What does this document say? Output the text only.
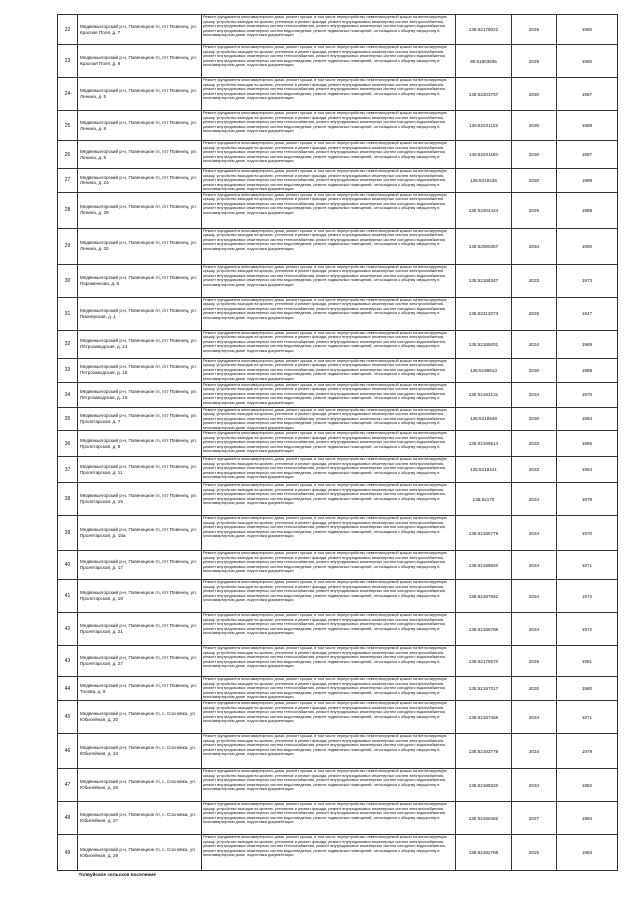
22	Медвежьегорский р-н, Повенецкое гп, пгт Повенец, ул. Красная Поля, д. 7	Ремонт фундамента многоквартирного дома, ремонт крыши, в том числе переустройство невентилируемой крыши на вентилируемую крышу, устройство выходов на кровлю, утепление и ремонт фасада, ремонт внутридомовых инженерных систем электроснабжения, ремонт внутридомовых инженерных систем теплоснабжения, ремонт внутридомовых инженерных систем холодного водоснабжения, ремонт внутридомовых инженерных систем водоотведения, ремонт подвальных помещений, относящихся к общему имуществу в многоквартирном доме, подготовка документации	135:52178022	2026	1980
23	Медвежьегорский р-н, Повенецкое гп, пгт Повенец, ул. Красная Поля, д. 9	Ремонт фундамента многоквартирного дома, ремонт крыши, в том числе переустройство невентилируемой крыши на вентилируемую крышу, устройство выходов на кровлю, утепление и ремонт фасада, ремонт внутридомовых инженерных систем электроснабжения, ремонт внутридомовых инженерных систем теплоснабжения, ремонт внутридомовых инженерных систем холодного водоснабжения, ремонт внутридомовых инженерных систем водоотведения, ремонт подвальных помещений, относящихся к общему имуществу в многоквартирном доме, подготовка документации	95:51803835	2029	1980
24	Медвежьегорский р-н, Повенецкое гп, пгт Повенец, ул. Ленина, д. 5	Ремонт фундамента многоквартирного дома, ремонт крыши, в том числе переустройство невентилируемой крыши на вентилируемую крышу, устройство выходов на кровлю, утепление и ремонт фасада, ремонт внутридомовых инженерных систем электроснабжения, ремонт внутридомовых инженерных систем теплоснабжения, ремонт внутридомовых инженерных систем холодного водоснабжения, ремонт внутридомовых инженерных систем водоотведения, ремонт подвальных помещений, относящихся к общему имуществу в многоквартирном доме, подготовка документации	135:52203757	2030	1967
25	Медвежьегорский р-н, Повенецкое гп, пгт Повенец, ул. Ленина, д. 8	Ремонт фундамента многоквартирного дома, ремонт крыши, в том числе переустройство невентилируемой крыши на вентилируемую крышу, устройство выходов на кровлю, утепление и ремонт фасада, ремонт внутридомовых инженерных систем электроснабжения, ремонт внутридомовых инженерных систем теплоснабжения, ремонт внутридомовых инженерных систем холодного водоснабжения, ремонт внутридомовых инженерных систем водоотведения, ремонт подвальных помещений, относящихся к общему имуществу в многоквартирном доме, подготовка документации	135:52201102	2030	1988
26	Медвежьегорский р-н, Повенецкое гп, пгт Повенец, ул. Ленина, д. 9	Ремонт фундамента многоквартирного дома, ремонт крыши, в том числе переустройство невентилируемой крыши на вентилируемую крышу, устройство выходов на кровлю, утепление и ремонт фасада, ремонт внутридомовых инженерных систем электроснабжения, ремонт внутридомовых инженерных систем теплоснабжения, ремонт внутридомовых инженерных систем холодного водоснабжения, ремонт внутридомовых инженерных систем водоотведения, ремонт подвальных помещений, относящихся к общему имуществу в многоквартирном доме, подготовка документации	135:52201160	2030	1967
27	Медвежьегорский р-н, Повенецкое гп, пгт Повенец, ул. Ленина, д. 24	Ремонт фундамента многоквартирного дома, ремонт крыши, в том числе переустройство невентилируемой крыши на вентилируемую крышу, устройство выходов на кровлю, утепление и ремонт фасада, ремонт внутридомовых инженерных систем электроснабжения, ремонт внутридомовых инженерных систем теплоснабжения, ремонт внутридомовых инженерных систем холодного водоснабжения, ремонт внутридомовых инженерных систем водоотведения, ремонт подвальных помещений, относящихся к общему имуществу в многоквартирном доме, подготовка документации	135:5219435	2030	1989
28	Медвежьегорский р-н, Повенецкое гп, пгт Повенец, ул. Ленина, д. 28	Ремонт фундамента многоквартирного дома, ремонт крыши, в том числе переустройство невентилируемой крыши на вентилируемую крышу, устройство выходов на кровлю, утепление и ремонт фасада, ремонт внутридомовых инженерных систем электроснабжения, ремонт внутридомовых инженерных систем теплоснабжения, ремонт внутридомовых инженерных систем холодного водоснабжения, ремонт внутридомовых инженерных систем водоотведения, ремонт подвальных помещений, относящихся к общему имуществу в многоквартирном доме, подготовка документации	135:52204424	2026	1989
29	Медвежьегорский р-н, Повенецкое гп, пгт Повенец, ул. Ленина, д. 30	Ремонт фундамента многоквартирного дома, ремонт крыши, в том числе переустройство невентилируемой крыши на вентилируемую крышу, устройство выходов на кровлю, утепление и ремонт фасада, ремонт внутридомовых инженерных систем электроснабжения, ремонт внутридомовых инженерных систем теплоснабжения, ремонт внутридомовых инженерных систем холодного водоснабжения, ремонт внутридомовых инженерных систем водоотведения, ремонт подвальных помещений, относящихся к общему имуществу в многоквартирном доме, подготовка документации	135:52080357	2034	1990
30	Медвежьегорский р-н, Повенецкое гп, пгт Повенец, ул. Пароменкова, д. 8	Ремонт фундамента многоквартирного дома, ремонт крыши, в том числе переустройство невентилируемой крыши на вентилируемую крышу, устройство выходов на кровлю, утепление и ремонт фасада, ремонт внутридомовых инженерных систем электроснабжения, ремонт внутридомовых инженерных систем теплоснабжения, ремонт внутридомовых инженерных систем холодного водоснабжения, ремонт внутридомовых инженерных систем водоотведения, ремонт подвальных помещений, относящихся к общему имуществу в многоквартирном доме, подготовка документации	135:52185347	2033	1973
31	Медвежьегорский р-н, Повенецкое гп, пгт Повенец, ул. Пионерская, д. 1	Ремонт фундамента многоквартирного дома, ремонт крыши, в том числе переустройство невентилируемой крыши на вентилируемую крышу, устройство выходов на кровлю, утепление и ремонт фасада, ремонт внутридомовых инженерных систем электроснабжения, ремонт внутридомовых инженерных систем теплоснабжения, ремонт внутридомовых инженерных систем холодного водоснабжения, ремонт внутридомовых инженерных систем водоотведения, ремонт подвальных помещений, относящихся к общему имуществу в многоквартирном доме, подготовка документации	135:52212073	2029	1947
32	Медвежьегорский р-н, Повенецкое гп, пгт Повенец, ул. Петрозаводская, д. 14	Ремонт фундамента многоквартирного дома, ремонт крыши, в том числе переустройство невентилируемой крыши на вентилируемую крышу, устройство выходов на кровлю, утепление и ремонт фасада, ремонт внутридомовых инженерных систем электроснабжения, ремонт внутридомовых инженерных систем теплоснабжения, ремонт внутридомовых инженерных систем холодного водоснабжения, ремонт внутридомовых инженерных систем водоотведения, ремонт подвальных помещений, относящихся к общему имуществу в многоквартирном доме, подготовка документации	135:52185001	2034	1989
33	Медвежьегорский р-н, Повенецкое гп, пгт Повенец, ул. Петрозаводская, д. 16	Ремонт фундамента многоквартирного дома, ремонт крыши, в том числе переустройство невентилируемой крыши на вентилируемую крышу, устройство выходов на кровлю, утепление и ремонт фасада, ремонт внутридомовых инженерных систем электроснабжения, ремонт внутридомовых инженерных систем теплоснабжения, ремонт внутридомовых инженерных систем холодного водоснабжения, ремонт внутридомовых инженерных систем водоотведения, ремонт подвальных помещений, относящихся к общему имуществу в многоквартирном доме, подготовка документации	135:5198613	2030	1989
34	Медвежьегорский р-н, Повенецкое гп, пгт Повенец, ул. Петрозаводская, д. 18	Ремонт фундамента многоквартирного дома, ремонт крыши, в том числе переустройство невентилируемой крыши на вентилируемую крышу, устройство выходов на кровлю, утепление и ремонт фасада, ремонт внутридомовых инженерных систем электроснабжения, ремонт внутридомовых инженерных систем теплоснабжения, ремонт внутридомовых инженерных систем холодного водоснабжения, ремонт внутридомовых инженерных систем водоотведения, ремонт подвальных помещений, относящихся к общему имуществу в многоквартирном доме, подготовка документации	135:52193131	2034	1970
35	Медвежьегорский р-н, Повенецкое гп, пгт Повенец, ул. Пролетарская, д. 7	Ремонт фундамента многоквартирного дома, ремонт крыши, в том числе переустройство невентилируемой крыши на вентилируемую крышу, устройство выходов на кровлю, утепление и ремонт фасада, ремонт внутридомовых инженерных систем электроснабжения, ремонт внутридомовых инженерных систем теплоснабжения, ремонт внутридомовых инженерных систем холодного водоснабжения, ремонт внутридомовых инженерных систем водоотведения, ремонт подвальных помещений, относящихся к общему имуществу в многоквартирном доме, подготовка документации	135:5219948	2030	1964
36	Медвежьегорский р-н, Повенецкое гп, пгт Повенец, ул. Пролетарская, д. 8	Ремонт фундамента многоквартирного дома, ремонт крыши, в том числе переустройство невентилируемой крыши на вентилируемую крышу, устройство выходов на кровлю, утепление и ремонт фасада, ремонт внутридомовых инженерных систем электроснабжения, ремонт внутридомовых инженерных систем теплоснабжения, ремонт внутридомовых инженерных систем холодного водоснабжения, ремонт внутридомовых инженерных систем водоотведения, ремонт подвальных помещений, относящихся к общему имуществу в многоквартирном доме, подготовка документации	135:52185514	2033	1965
37	Медвежьегорский р-н, Повенецкое гп, пгт Повенец, ул. Пролетарская, д. 11	Ремонт фундамента многоквартирного дома, ремонт крыши, в том числе переустройство невентилируемой крыши на вентилируемую крышу, устройство выходов на кровлю, утепление и ремонт фасада, ремонт внутридомовых инженерных систем электроснабжения, ремонт внутридомовых инженерных систем теплоснабжения, ремонт внутридомовых инженерных систем холодного водоснабжения, ремонт внутридомовых инженерных систем водоотведения, ремонт подвальных помещений, относящихся к общему имуществу в многоквартирном доме, подготовка документации	135:5219241	2033	1964
38	Медвежьегорский р-н, Повенецкое гп, пгт Повенец, ул. Пролетарская, д. 15	Ремонт фундамента многоквартирного дома, ремонт крыши, в том числе переустройство невентилируемой крыши на вентилируемую крышу, устройство выходов на кровлю, утепление и ремонт фасада, ремонт внутридомовых инженерных систем электроснабжения, ремонт внутридомовых инженерных систем теплоснабжения, ремонт внутридомовых инженерных систем холодного водоснабжения, ремонт внутридомовых инженерных систем водоотведения, ремонт подвальных помещений, относящихся к общему имуществу в многоквартирном доме, подготовка документации	135:52170	2034	1979
39	Медвежьегорский р-н, Повенецкое гп, пгт Повенец, ул. Пролетарская, д. 15а	Ремонт фундамента многоквартирного дома, ремонт крыши, в том числе переустройство невентилируемой крыши на вентилируемую крышу, устройство выходов на кровлю, утепление и ремонт фасада, ремонт внутридомовых инженерных систем электроснабжения, ремонт внутридомовых инженерных систем теплоснабжения, ремонт внутридомовых инженерных систем холодного водоснабжения, ремонт внутридомовых инженерных систем водоотведения, ремонт подвальных помещений, относящихся к общему имуществу в многоквартирном доме, подготовка документации	135:52185779	2034	1970
40	Медвежьегорский р-н, Повенецкое гп, пгт Повенец, ул. Пролетарская, д. 17	Ремонт фундамента многоквартирного дома, ремонт крыши, в том числе переустройство невентилируемой крыши на вентилируемую крышу, устройство выходов на кровлю, утепление и ремонт фасада, ремонт внутридомовых инженерных систем электроснабжения, ремонт внутридомовых инженерных систем теплоснабжения, ремонт внутридомовых инженерных систем холодного водоснабжения, ремонт внутридомовых инженерных систем водоотведения, ремонт подвальных помещений, относящихся к общему имуществу в многоквартирном доме, подготовка документации	135:52196620	2034	1971
41	Медвежьегорский р-н, Повенецкое гп, пгт Повенец, ул. Пролетарская, д. 19	Ремонт фундамента многоквартирного дома, ремонт крыши, в том числе переустройство невентилируемой крыши на вентилируемую крышу, устройство выходов на кровлю, утепление и ремонт фасада, ремонт внутридомовых инженерных систем электроснабжения, ремонт внутридомовых инженерных систем теплоснабжения, ремонт внутридомовых инженерных систем холодного водоснабжения, ремонт внутридомовых инженерных систем водоотведения, ремонт подвальных помещений, относящихся к общему имуществу в многоквартирном доме, подготовка документации	135:52187652	2034	1972
42	Медвежьегорский р-н, Повенецкое гп, пгт Повенец, ул. Пролетарская, д. 21	Ремонт фундамента многоквартирного дома, ремонт крыши, в том числе переустройство невентилируемой крыши на вентилируемую крышу, устройство выходов на кровлю, утепление и ремонт фасада, ремонт внутридомовых инженерных систем электроснабжения, ремонт внутридомовых инженерных систем теплоснабжения, ремонт внутридомовых инженерных систем холодного водоснабжения, ремонт внутридомовых инженерных систем водоотведения, ремонт подвальных помещений, относящихся к общему имуществу в многоквартирном доме, подготовка документации	135:52188786	2034	1972
43	Медвежьегорский р-н, Повенецкое гп, пгт Повенец, ул. Пролетарская, д. 27	Ремонт фундамента многоквартирного дома, ремонт крыши, в том числе переустройство невентилируемой крыши на вентилируемую крышу, устройство выходов на кровлю, утепление и ремонт фасада, ремонт внутридомовых инженерных систем электроснабжения, ремонт внутридомовых инженерных систем теплоснабжения, ремонт внутридомовых инженерных систем холодного водоснабжения, ремонт внутридомовых инженерных систем водоотведения, ремонт подвальных помещений, относящихся к общему имуществу в многоквартирном доме, подготовка документации	135:52178670	2026	1981
44	Медвежьегорский р-н, Повенецкое гп, пгт Повенец, ул. Толова, д. 9	Ремонт фундамента многоквартирного дома, ремонт крыши, в том числе переустройство невентилируемой крыши на вентилируемую крышу, устройство выходов на кровлю, утепление и ремонт фасада, ремонт внутридомовых инженерных систем электроснабжения, ремонт внутридомовых инженерных систем теплоснабжения, ремонт внутридомовых инженерных систем холодного водоснабжения, ремонт внутридомовых инженерных систем водоотведения, ремонт подвальных помещений, относящихся к общему имуществу в многоквартирном доме, подготовка документации	135:52197017	2030	1980
45	Медвежьегорский р-н, Повенецкое гп, с. Сосновка, ул. Юбилейная, д. 20	Ремонт фундамента многоквартирного дома, ремонт крыши, в том числе переустройство невентилируемой крыши на вентилируемую крышу, устройство выходов на кровлю, утепление и ремонт фасада, ремонт внутридомовых инженерных систем электроснабжения, ремонт внутридомовых инженерных систем теплоснабжения, ремонт внутридомовых инженерных систем холодного водоснабжения, ремонт внутридомовых инженерных систем водоотведения, ремонт подвальных помещений, относящихся к общему имуществу в многоквартирном доме, подготовка документации	135:52187466	2034	1971
46	Медвежьегорский р-н, Повенецкое гп, с. Сосновка, ул. Юбилейная, д. 24	Ремонт фундамента многоквартирного дома, ремонт крыши, в том числе переустройство невентилируемой крыши на вентилируемую крышу, устройство выходов на кровлю, утепление и ремонт фасада, ремонт внутридомовых инженерных систем электроснабжения, ремонт внутридомовых инженерных систем теплоснабжения, ремонт внутридомовых инженерных систем холодного водоснабжения, ремонт внутридомовых инженерных систем водоотведения, ремонт подвальных помещений, относящихся к общему имуществу в многоквартирном доме, подготовка документации	135:52183779	2034	1979
47	Медвежьегорский р-н, Повенецкое гп, с. Сосновка, ул. Юбилейная, д. 26	Ремонт фундамента многоквартирного дома, ремонт крыши, в том числе переустройство невентилируемой крыши на вентилируемую крышу, устройство выходов на кровлю, утепление и ремонт фасада, ремонт внутридомовых инженерных систем электроснабжения, ремонт внутридомовых инженерных систем теплоснабжения, ремонт внутридомовых инженерных систем холодного водоснабжения, ремонт внутридомовых инженерных систем водоотведения, ремонт подвальных помещений, относящихся к общему имуществу в многоквартирном доме, подготовка документации	135:52188320	2034	1982
48	Медвежьегорский р-н, Повенецкое гп, с. Сосновка, ул. Юбилейная, д. 27	Ремонт фундамента многоквартирного дома, ремонт крыши, в том числе переустройство невентилируемой крыши на вентилируемую крышу, устройство выходов на кровлю, утепление и ремонт фасада, ремонт внутридомовых инженерных систем электроснабжения, ремонт внутридомовых инженерных систем теплоснабжения, ремонт внутридомовых инженерных систем холодного водоснабжения, ремонт внутридомовых инженерных систем водоотведения, ремонт подвальных помещений, относящихся к общему имуществу в многоквартирном доме, подготовка документации	135:52166482	2027	1984
49	Медвежьегорский р-н, Повенецкое гп, с. Сосновка, ул. Юбилейная, д. 29	Ремонт фундамента многоквартирного дома, ремонт крыши, в том числе переустройство невентилируемой крыши на вентилируемую крышу, устройство выходов на кровлю, утепление и ремонт фасада, ремонт внутридомовых инженерных систем электроснабжения, ремонт внутридомовых инженерных систем теплоснабжения, ремонт внутридомовых инженерных систем холодного водоснабжения, ремонт внутридомовых инженерных систем водоотведения, ремонт подвальных помещений, относящихся к общему имуществу в многоквартирном доме, подготовка документации	135:52182788	2025	1983
	Толвуйское сельское поселение				
